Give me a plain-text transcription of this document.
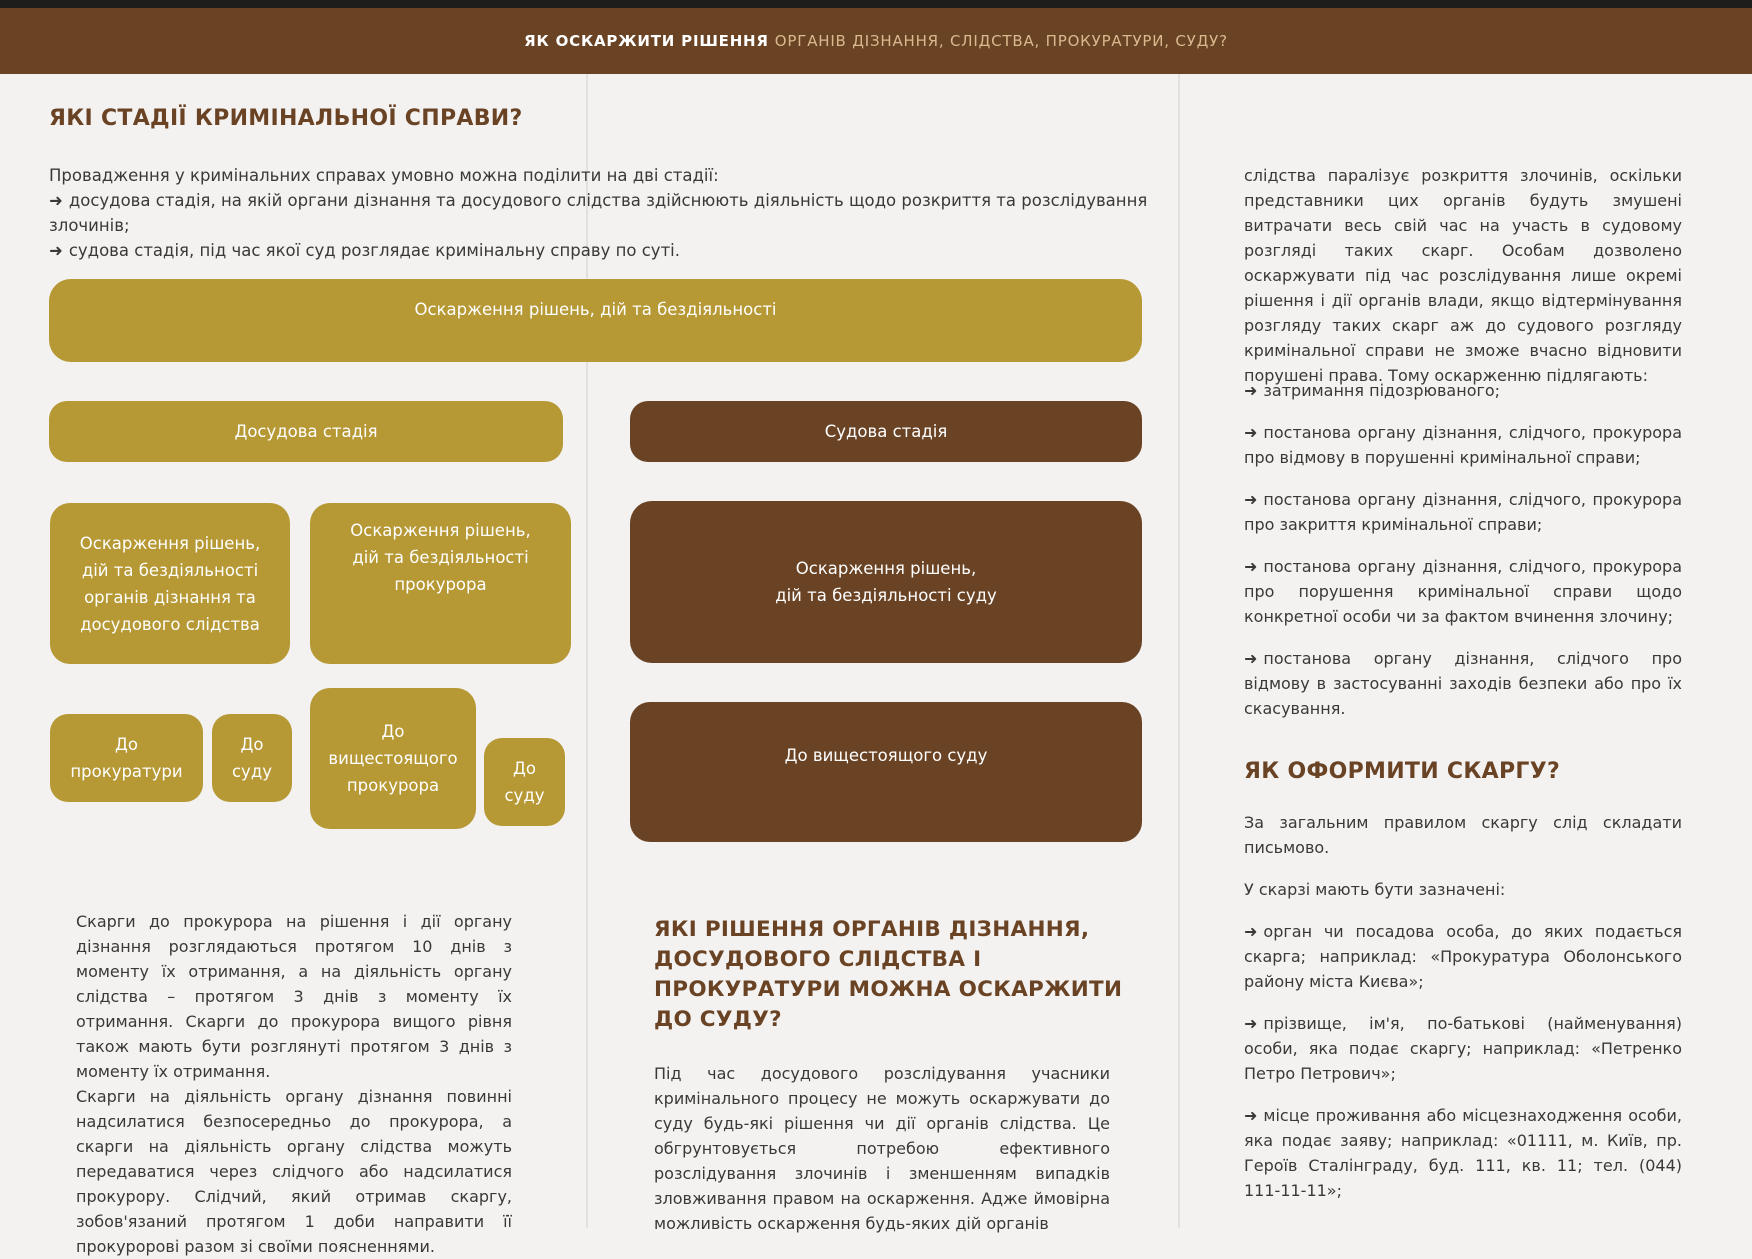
ЯК ОСКАРЖИТИ РІШЕННЯ ОРГАНІВ ДІЗНАННЯ, СЛІДСТВА, ПРОКУРАТУРИ, СУДУ?
ЯКІ СТАДІЇ КРИМІНАЛЬНОЇ СПРАВИ?

Провадження у кримінальних справах умовно можна поділити на дві стадії:

➜ досудова стадія, на якій органи дізнання та досудового слідства здійснюють діяльність щодо розкриття та розслідування злочинів;

➜ судова стадія, під час якої суд розглядає кримінальну справу по суті.

Оскарження рішень, дій та бездіяльності
Досудова стадія	Судова стадія
Оскарження рішень,
дій та бездіяльності
органів дізнання та
досудового слідства
Оскарження рішень,
дій та бездіяльності
прокурора
Оскарження рішень,
дій та бездіяльності суду
До
прокуратури
До
суду
До
вищестоящого
прокурора
До
суду
До вищестоящого суду

Скарги до прокурора на рішення і дії органу дізнання розглядаються протягом 10 днів з моменту їх отримання, а на діяльність органу слідства – протягом 3 днів з моменту їх отримання. Скарги до прокурора вищого рівня також мають бути розглянуті протягом 3 днів з моменту їх отримання.

Скарги на діяльність органу дізнання повинні надсилатися безпосередньо до прокурора, а скарги на діяльність органу слідства можуть передаватися через слідчого або надсилатися прокурору. Слідчий, який отримав скаргу, зобов'язаний протягом 1 доби направити її прокуророві разом зі своїми поясненнями.

ЯКІ РІШЕННЯ ОРГАНІВ ДІЗНАННЯ, ДОСУДОВОГО СЛІДСТВА І ПРОКУРАТУРИ МОЖНА ОСКАРЖИТИ ДО СУДУ?
Під час досудового розслідування учасники кримінального процесу не можуть оскаржувати до суду будь-які рішення чи дії органів слідства. Це обгрунтовується потребою ефективного розслідування злочинів і зменшенням випадків зловживання правом на оскарження. Адже ймовірна можливість оскарження будь-яких дій органів
слідства паралізує розкриття злочинів, оскільки представники цих органів будуть змушені витрачати весь свій час на участь в судовому розгляді таких скарг. Особам дозволено оскаржувати під час розслідування лише окремі рішення і дії органів влади, якщо відтермінування розгляду таких скарг аж до судового розгляду кримінальної справи не зможе вчасно відновити порушені права. Тому оскарженню підлягають:

➜ затримання підозрюваного;

➜ постанова органу дізнання, слідчого, прокурора про відмову в порушенні кримінальної справи;

➜ постанова органу дізнання, слідчого, прокурора про закриття кримінальної справи;

➜ постанова органу дізнання, слідчого, прокурора про порушення кримінальної справи щодо конкретної особи чи за фактом вчинення злочину;

➜ постанова органу дізнання, слідчого про відмову в застосуванні заходів безпеки або про їх скасування.

ЯК ОФОРМИТИ СКАРГУ?

За загальним правилом скаргу слід складати письмово.

У скарзі мають бути зазначені:

➜ орган чи посадова особа, до яких подається скарга; наприклад: «Прокуратура Оболонського району міста Києва»;

➜ прізвище, ім'я, по-батькові (найменування) особи, яка подає скаргу; наприклад: «Петренко Петро Петрович»;

➜ місце проживання або місцезнаходження особи, яка подає заяву; наприклад: «01111, м. Київ, пр. Героїв Сталінграду, буд. 111, кв. 11; тел. (044) 111-11-11»;
